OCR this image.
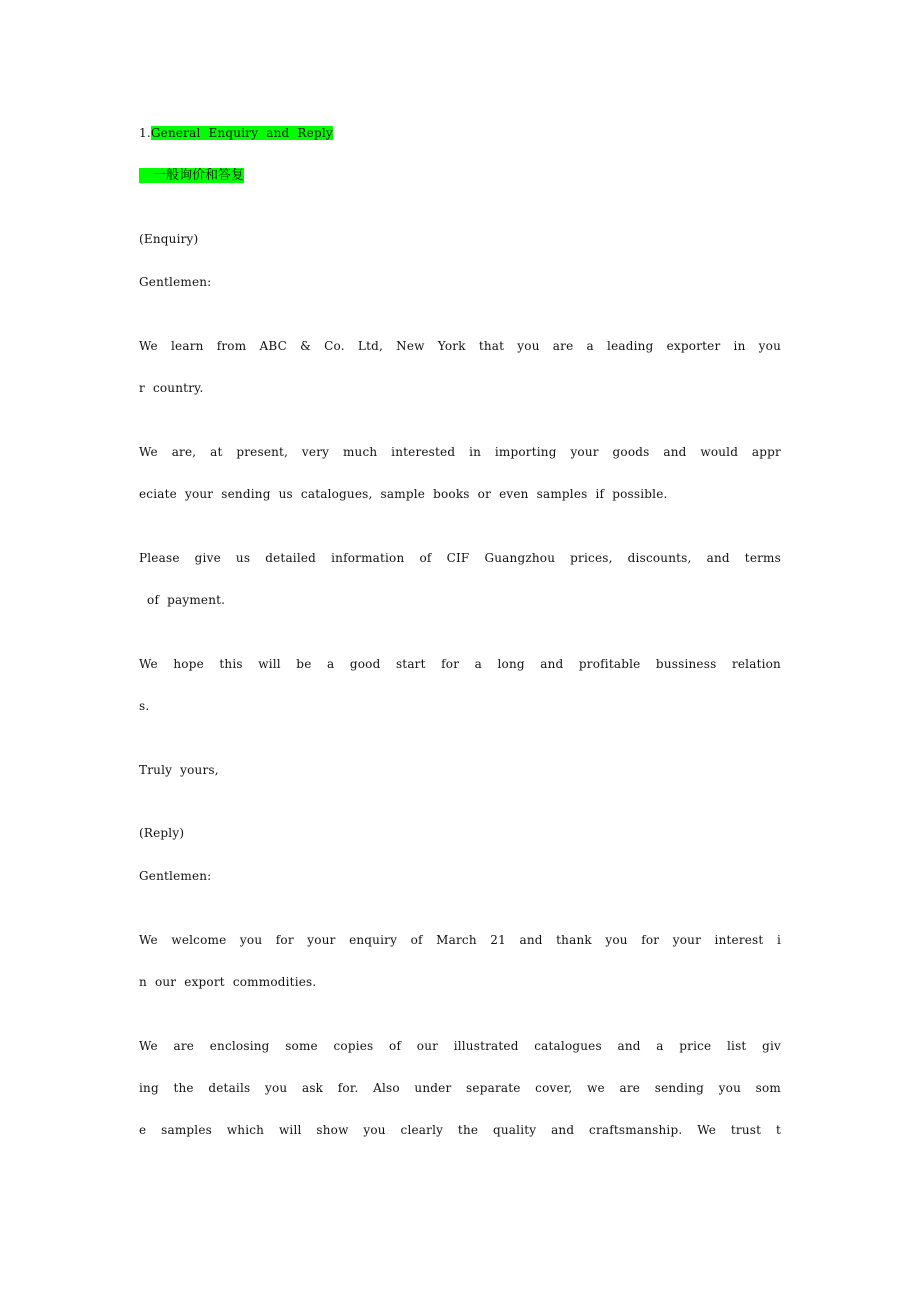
1.General  Enquiry  and  Reply
一般询价和答复
(Enquiry)
Gentlemen:
We learn from ABC & Co. Ltd, New York that you are a leading exporter in you
r  country.
We are, at present, very much interested in importing your goods and would appr
eciate  your  sending  us  catalogues,  sample  books  or  even  samples  if  possible.
Please give us detailed information of CIF Guangzhou prices, discounts, and terms
of  payment.
We hope this will be a good start for a long and profitable bussiness relation
s.
Truly  yours,
(Reply)
Gentlemen:
We welcome you for your enquiry of March 21 and thank you for your interest i
n  our  export  commodities.
We are enclosing some copies of our illustrated catalogues and a price list giv
ing the details you ask for. Also under separate cover, we are sending you som
e samples which will show you clearly the quality and craftsmanship. We trust t
